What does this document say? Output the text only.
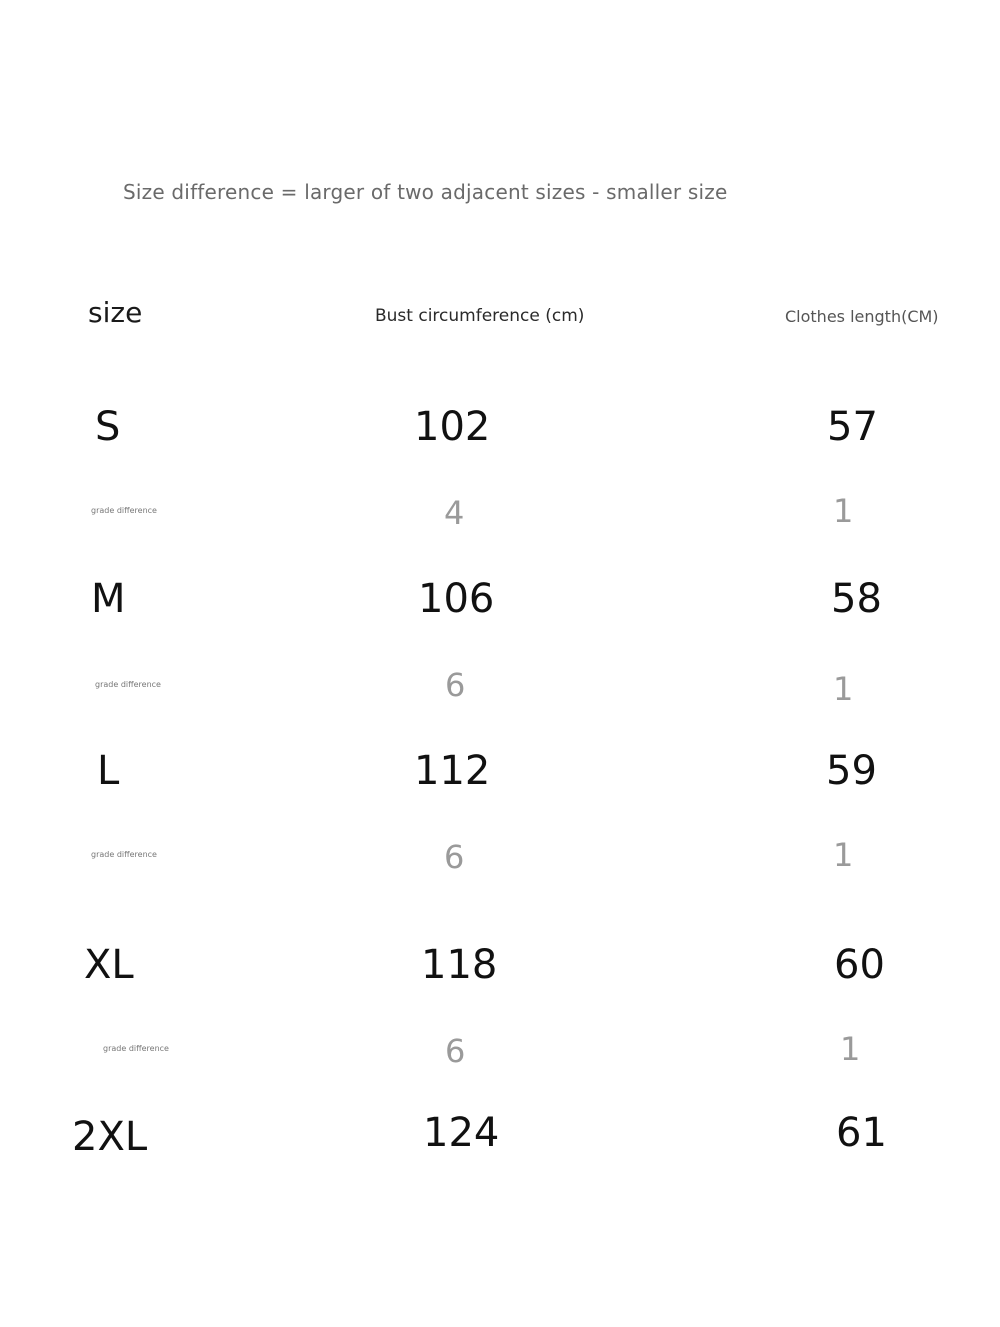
Size difference = larger of two adjacent sizes - smaller size
size	Bust circumference (cm)	Clothes length(CM)
S	102	57
grade difference	4	1
M	106	58
grade difference	6	1
L	112	59
grade difference	6	1
XL	118	60
grade difference	6	1
2XL	124	61
